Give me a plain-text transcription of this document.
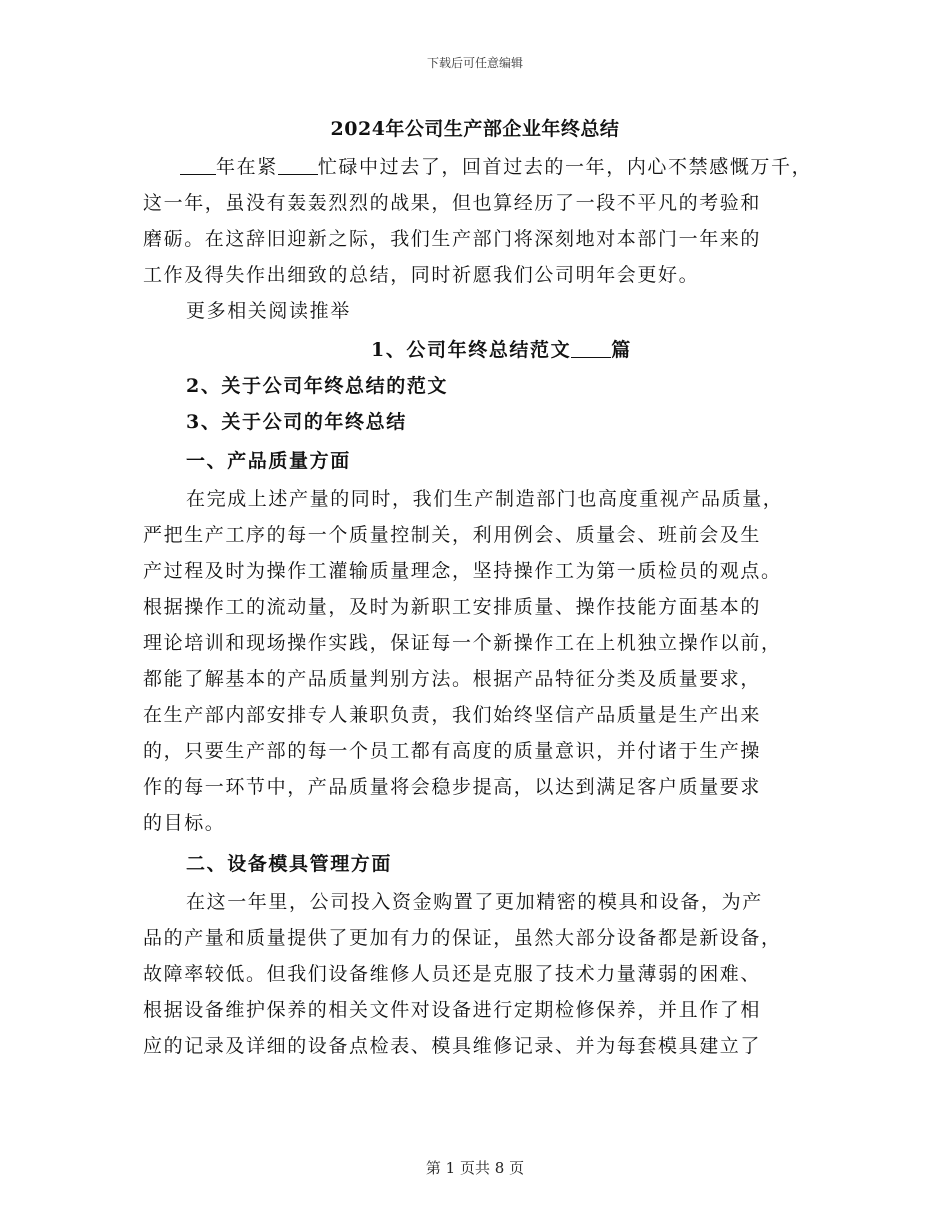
下载后可任意编辑
2024年公司生产部企业年终总结
年在紧 忙碌中过去了，回首过去的一年，内心不禁感慨万千，
这一年，虽没有轰轰烈烈的战果，但也算经历了一段不平凡的考验和
磨砺。在这辞旧迎新之际，我们生产部门将深刻地对本部门一年来的
工作及得失作出细致的总结，同时祈愿我们公司明年会更好。
更多相关阅读推举
1、公司年终总结范文 篇
2、关于公司年终总结的范文
3、关于公司的年终总结
一、产品质量方面
在完成上述产量的同时，我们生产制造部门也高度重视产品质量，
严把生产工序的每一个质量控制关，利用例会、质量会、班前会及生
产过程及时为操作工灌输质量理念，坚持操作工为第一质检员的观点。
根据操作工的流动量，及时为新职工安排质量、操作技能方面基本的
理论培训和现场操作实践，保证每一个新操作工在上机独立操作以前，
都能了解基本的产品质量判别方法。根据产品特征分类及质量要求，
在生产部内部安排专人兼职负责，我们始终坚信产品质量是生产出来
的，只要生产部的每一个员工都有高度的质量意识，并付诸于生产操
作的每一环节中，产品质量将会稳步提高，以达到满足客户质量要求
的目标。
二、设备模具管理方面
在这一年里，公司投入资金购置了更加精密的模具和设备，为产
品的产量和质量提供了更加有力的保证，虽然大部分设备都是新设备，
故障率较低。但我们设备维修人员还是克服了技术力量薄弱的困难、
根据设备维护保养的相关文件对设备进行定期检修保养，并且作了相
应的记录及详细的设备点检表、模具维修记录、并为每套模具建立了
第 1 页共 8 页
